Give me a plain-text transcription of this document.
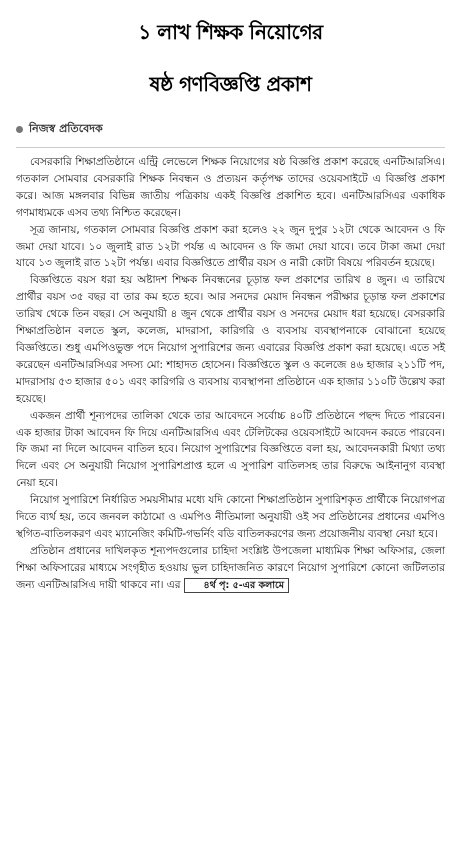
১ লাখ শিক্ষক নিয়োগের
ষষ্ঠ গণবিজ্ঞপ্তি প্রকাশ
নিজস্ব প্রতিবেদক

বেসরকারি শিক্ষাপ্রতিষ্ঠানে এন্ট্রি লেভেলে শিক্ষক নিয়োগের ষষ্ঠ বিজ্ঞপ্তি প্রকাশ করেছে এনটিআরসিএ। গতকাল সোমবার বেসরকারি শিক্ষক নিবন্ধন ও প্রত্যয়ন কর্তৃপক্ষ তাদের ওয়েবসাইটে এ বিজ্ঞপ্তি প্রকাশ করে। আজ মঙ্গলবার বিভিন্ন জাতীয় পত্রিকায় একই বিজ্ঞপ্তি প্রকাশিত হবে। এনটিআরসিএর একাধিক গণমাধ্যমকে এসব তথ্য নিশ্চিত করেছেন।

সূত্র জানায়, গতকাল সোমবার বিজ্ঞপ্তি প্রকাশ করা হলেও ২২ জুন দুপুর ১২টা থেকে আবেদন ও ফি জমা দেয়া যাবে। ১০ জুলাই রাত ১২টা পর্যন্ত এ আবেদন ও ফি জমা দেয়া যাবে। তবে টাকা জমা দেয়া যাবে ১৩ জুলাই রাত ১২টা পর্যন্ত। এবার বিজ্ঞপ্তিতে প্রার্থীর বয়স ও নারী কোটা বিষয়ে পরিবর্তন হয়েছে।

বিজ্ঞপ্তিতে বয়স ধরা হয় অষ্টাদশ শিক্ষক নিবন্ধনের চূড়ান্ত ফল প্রকাশের তারিখ ৪ জুন। এ তারিখে প্রার্থীর বয়স ৩৫ বছর বা তার কম হতে হবে। আর সনদের মেয়াদ নিবন্ধন পরীক্ষার চূড়ান্ত ফল প্রকাশের তারিখ থেকে তিন বছর। সে অনুযায়ী ৪ জুন থেকে প্রার্থীর বয়স ও সনদের মেয়াদ ধরা হয়েছে। বেসরকারি শিক্ষাপ্রতিষ্ঠান বলতে স্কুল, কলেজ, মাদরাসা, কারিগরি ও ব্যবসায় ব্যবস্থাপনাকে বোঝানো হয়েছে বিজ্ঞপ্তিতে। শুধু এমপিওভুক্ত পদে নিয়োগ সুপারিশের জন্য এবারের বিজ্ঞপ্তি প্রকাশ করা হয়েছে। এতে সই করেছেন এনটিআরসিএর সদস্য মো: শাহাদত হোসেন। বিজ্ঞপ্তিতে স্কুল ও কলেজে ৪৬ হাজার ২১১টি পদ, মাদরাসায় ৫৩ হাজার ৫০১ এবং কারিগরি ও ব্যবসায় ব্যবস্থাপনা প্রতিষ্ঠানে এক হাজার ১১০টি উল্লেখ করা হয়েছে।

একজন প্রার্থী শূন্যপদের তালিকা থেকে তার আবেদনে সর্বোচ্চ ৪০টি প্রতিষ্ঠানে পছন্দ দিতে পারবেন। এক হাজার টাকা আবেদন ফি দিয়ে এনটিআরসিএ এবং টেলিটকের ওয়েবসাইটে আবেদন করতে পারবেন। ফি জমা না দিলে আবেদন বাতিল হবে। নিয়োগ সুপারিশের বিজ্ঞপ্তিতে বলা হয়, আবেদনকারী মিথ্যা তথ্য দিলে এবং সে অনুযায়ী নিয়োগ সুপারিশপ্রাপ্ত হলে এ সুপারিশ বাতিলসহ তার বিরুদ্ধে আইনানুগ ব্যবস্থা নেয়া হবে।

নিয়োগ সুপারিশে নির্ধারিত সময়সীমার মধ্যে যদি কোনো শিক্ষাপ্রতিষ্ঠান সুপারিশকৃত প্রার্থীকে নিয়োগপত্র দিতে ব্যর্থ হয়, তবে জনবল কাঠামো ও এমপিও নীতিমালা অনুযায়ী ওই সব প্রতিষ্ঠানের প্রধানের এমপিও স্থগিত-বাতিলকরণ এবং ম্যানেজিং কমিটি-গভর্নিং বডি বাতিলকরণের জন্য প্রয়োজনীয় ব্যবস্থা নেয়া হবে।

প্রতিষ্ঠান প্রধানের দাখিলকৃত শূন্যপদগুলোর চাহিদা সংশ্লিষ্ট উপজেলা মাধ্যমিক শিক্ষা অফিসার, জেলা শিক্ষা অফিসারের মাধ্যমে সংগৃহীত হওয়ায় ভুল চাহিদাজনিত কারণে নিয়োগ সুপারিশে কোনো জটিলতার জন্য এনটিআরসিএ দায়ী থাকবে না। এর ৪র্থ পৃ: ৫-এর কলামে
